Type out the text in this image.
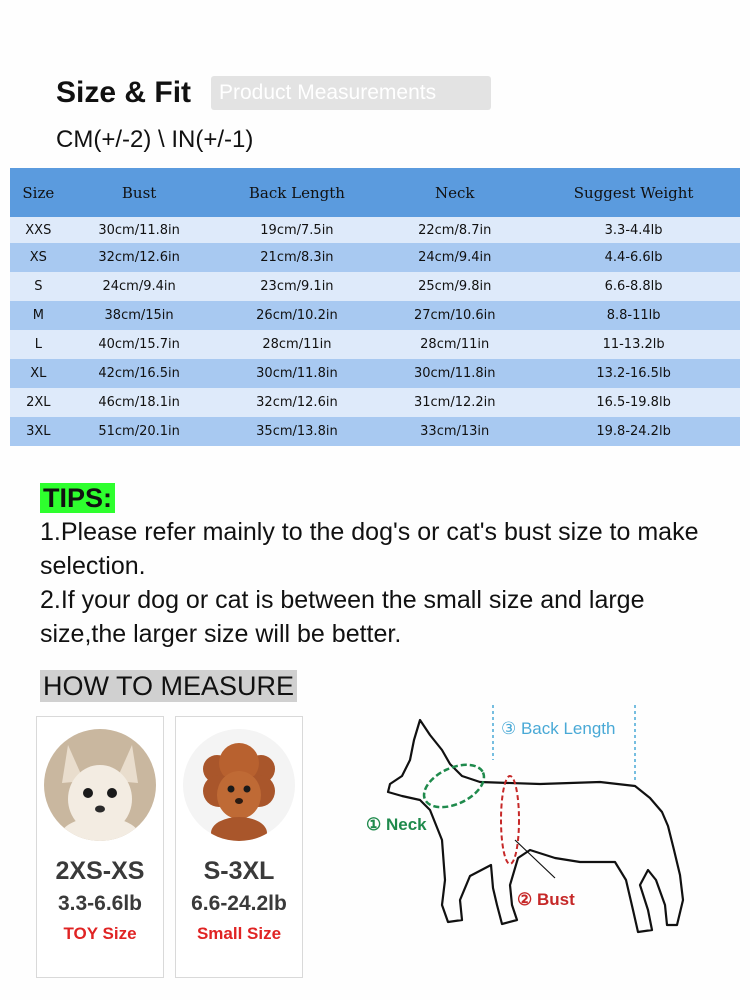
Size & Fit	Product Measurements
CM(+/-2) \ IN(+/-1)
Size	Bust	Back Length	Neck	Suggest Weight
XXS	30cm/11.8in	19cm/7.5in	22cm/8.7in	3.3-4.4lb
XS	32cm/12.6in	21cm/8.3in	24cm/9.4in	4.4-6.6lb
S	24cm/9.4in	23cm/9.1in	25cm/9.8in	6.6-8.8lb
M	38cm/15in	26cm/10.2in	27cm/10.6in	8.8-11lb
L	40cm/15.7in	28cm/11in	28cm/11in	11-13.2lb
XL	42cm/16.5in	30cm/11.8in	30cm/11.8in	13.2-16.5lb
2XL	46cm/18.1in	32cm/12.6in	31cm/12.2in	16.5-19.8lb
3XL	51cm/20.1in	35cm/13.8in	33cm/13in	19.8-24.2lb
TIPS:
1.Please refer mainly to the dog's or cat's bust size to make selection.
2.If your dog or cat is between the small size and large size,the larger size will be better.
HOW TO MEASURE
2XS-XS
3.3-6.6lb
TOY Size
S-3XL
6.6-24.2lb
Small Size
① Neck
② Bust
③ Back Length
